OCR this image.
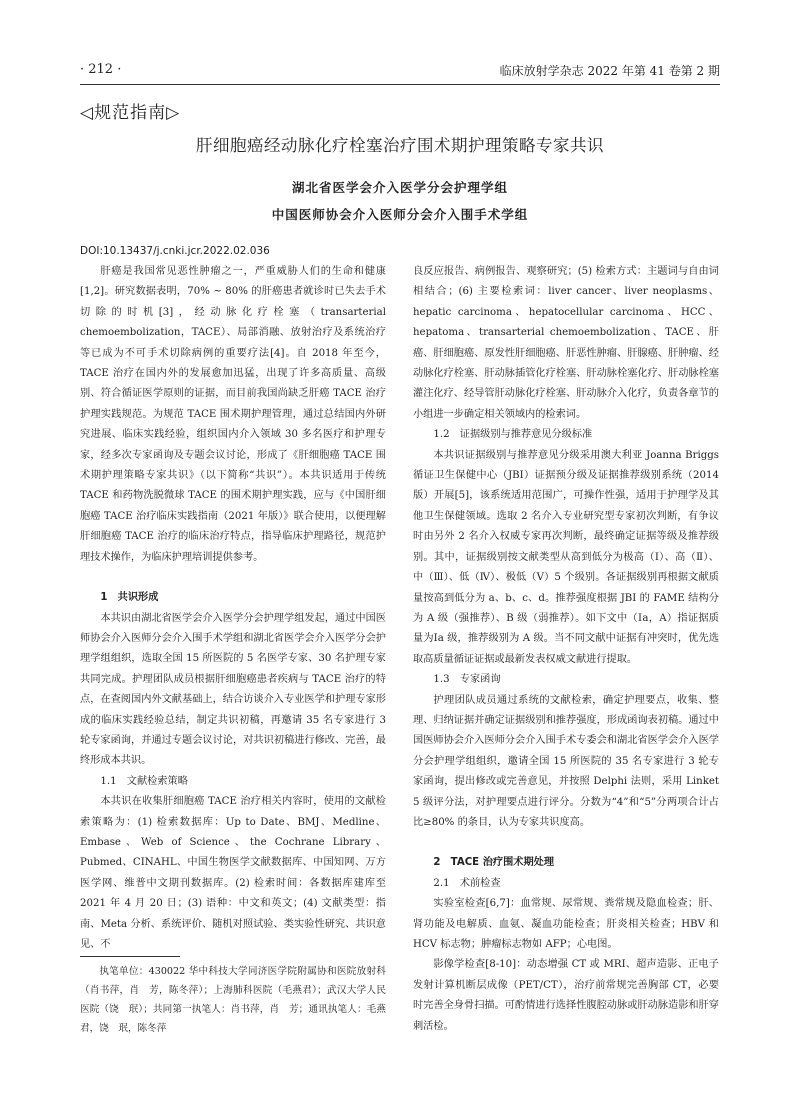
· 212 ·	临床放射学杂志 2022 年第 41 卷第 2 期
◁规范指南▷
肝细胞癌经动脉化疗栓塞治疗围术期护理策略专家共识
湖北省医学会介入医学分会护理学组
中国医师协会介入医师分会介入围手术学组
DOI:10.13437/j.cnki.jcr.2022.02.036

肝癌是我国常见恶性肿瘤之一，严重威胁人们的生命和健康[1,2]。研究数据表明，70% ~ 80% 的肝癌患者就诊时已失去手术切除的时机[3]，经动脉化疗栓塞（transarterial chemoembolization，TACE）、局部消融、放射治疗及系统治疗等已成为不可手术切除病例的重要疗法[4]。自 2018 年至今，TACE 治疗在国内外的发展愈加迅猛，出现了许多高质量、高级别、符合循证医学原则的证据，而目前我国尚缺乏肝癌 TACE 治疗护理实践规范。为规范 TACE 围术期护理管理，通过总结国内外研究进展、临床实践经验，组织国内介入领域 30 多名医疗和护理专家，经多次专家函询及专题会议讨论，形成了《肝细胞癌 TACE 围术期护理策略专家共识》（以下简称“共识”）。本共识适用于传统 TACE 和药物洗脱微球 TACE 的围术期护理实践，应与《中国肝细胞癌 TACE 治疗临床实践指南（2021 年版）》联合使用，以便理解肝细胞癌 TACE 治疗的临床治疗特点，指导临床护理路径，规范护理技术操作，为临床护理培训提供参考。

1　共识形成

本共识由湖北省医学会介入医学分会护理学组发起，通过中国医师协会介入医师分会介入围手术学组和湖北省医学会介入医学分会护理学组组织，选取全国 15 所医院的 5 名医学专家、30 名护理专家共同完成。护理团队成员根据肝细胞癌患者疾病与 TACE 治疗的特点，在查阅国内外文献基础上，结合访谈介入专业医学和护理专家形成的临床实践经验总结，制定共识初稿，再邀请 35 名专家进行 3 轮专家函询，并通过专题会议讨论，对共识初稿进行修改、完善，最终形成本共识。

1.1　文献检索策略

本共识在收集肝细胞癌 TACE 治疗相关内容时，使用的文献检索策略为：(1) 检索数据库：Up to Date、BMJ、Medline、Embase、Web of Science、the Cochrane Library、Pubmed、CINAHL、中国生物医学文献数据库、中国知网、万方医学网、维普中文期刊数据库。(2) 检索时间：各数据库建库至 2021 年 4 月 20 日；(3) 语种：中文和英文；(4) 文献类型：指南、Meta 分析、系统评价、随机对照试验、类实验性研究、共识意见、不

执笔单位：430022 华中科技大学同济医学院附属协和医院放射科（肖书萍，肖　芳，陈冬萍）；上海肺科医院（毛燕君）；武汉大学人民医院（饶　珉）；共同第一执笔人：肖书萍，肖　芳；通讯执笔人：毛燕君，饶　珉，陈冬萍

良反应报告、病例报告、观察研究；(5) 检索方式：主题词与自由词相结合；(6) 主要检索词：liver cancer、liver neoplasms、hepatic carcinoma、hepatocellular carcinoma、HCC、hepatoma、transarterial chemoembolization、TACE、肝癌、肝细胞癌、原发性肝细胞癌、肝恶性肿瘤、肝腺癌、肝肿瘤、经动脉化疗栓塞、肝动脉插管化疗栓塞、肝动脉栓塞化疗、肝动脉栓塞灌注化疗、经导管肝动脉化疗栓塞、肝动脉介入化疗，负责各章节的小组进一步确定相关领域内的检索词。

1.2　证据级别与推荐意见分级标准

本共识证据级别与推荐意见分级采用澳大利亚 Joanna Briggs 循证卫生保健中心（JBI）证据预分级及证据推荐级别系统（2014 版）开展[5]，该系统适用范围广，可操作性强，适用于护理学及其他卫生保健领域。选取 2 名介入专业研究型专家初次判断，有争议时由另外 2 名介入权威专家再次判断，最终确定证据等级及推荐级别。其中，证据级别按文献类型从高到低分为极高（Ⅰ）、高（Ⅱ）、中（Ⅲ）、低（Ⅳ）、极低（Ⅴ）5 个级别。各证据级别再根据文献质量按高到低分为 a、b、c、d。推荐强度根据 JBI 的 FAME 结构分为 A 级（强推荐）、B 级（弱推荐）。如下文中（Ⅰa，A）指证据质量为Ⅰa 级，推荐级别为 A 级。当不同文献中证据有冲突时，优先选取高质量循证证据或最新发表权威文献进行提取。

1.3　专家函询

护理团队成员通过系统的文献检索，确定护理要点，收集、整理、归纳证据并确定证据级别和推荐强度，形成函询表初稿。通过中国医师协会介入医师分会介入围手术专委会和湖北省医学会介入医学分会护理学组组织，邀请全国 15 所医院的 35 名专家进行 3 轮专家函询，提出修改或完善意见，并按照 Delphi 法则，采用 Linket 5 级评分法，对护理要点进行评分。分数为“4”和“5”分两项合计占比≥80% 的条目，认为专家共识度高。

2　TACE 治疗围术期处理

2.1　术前检查

实验室检查[6,7]：血常规、尿常规、粪常规及隐血检查；肝、肾功能及电解质、血氨、凝血功能检查；肝炎相关检查；HBV 和 HCV 标志物；肿瘤标志物如 AFP；心电图。

影像学检查[8-10]：动态增强 CT 或 MRI、超声造影、正电子发射计算机断层成像（PET/CT），治疗前常规完善胸部 CT，必要时完善全身骨扫描。可酌情进行选择性腹腔动脉或肝动脉造影和肝穿刺活检。
